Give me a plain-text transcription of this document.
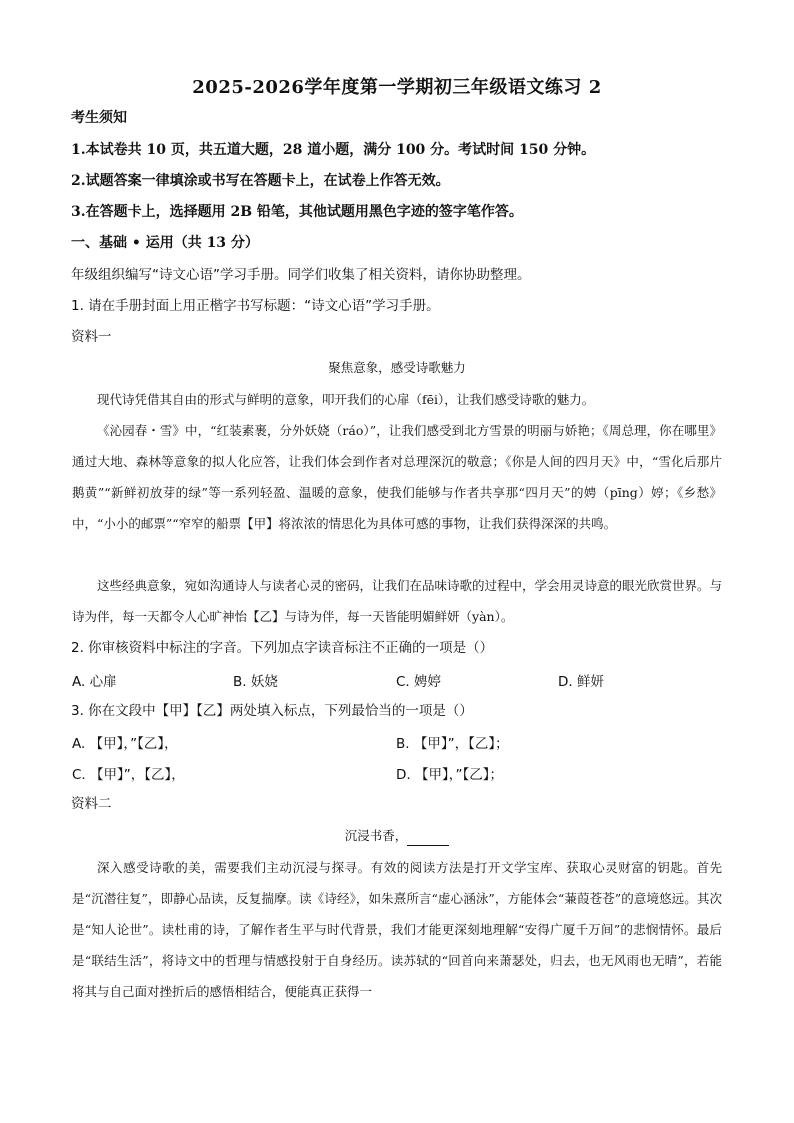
2025-2026学年度第一学期初三年级语文练习 2
考生须知
1.本试卷共 10 页，共五道大题，28 道小题，满分 100 分。考试时间 150 分钟。
2.试题答案一律填涂或书写在答题卡上，在试卷上作答无效。
3.在答题卡上，选择题用 2B 铅笔，其他试题用黑色字迹的签字笔作答。
一、基础 • 运用（共 13 分）
年级组织编写“诗文心语”学习手册。同学们收集了相关资料，请你协助整理。
1. 请在手册封面上用正楷字书写标题：“诗文心语”学习手册。
资料一
聚焦意象，感受诗歌魅力
现代诗凭借其自由的形式与鲜明的意象，叩开我们的心扉（fēi），让我们感受诗歌的魅力。
《沁园春・雪》中，“红装素裹，分外妖娆（ráo）”，让我们感受到北方雪景的明丽与娇艳；《周总理，你在哪里》通过大地、森林等意象的拟人化应答，让我们体会到作者对总理深沉的敬意；《你是人间的四月天》中，“雪化后那片鹅黄”“新鲜初放芽的绿”等一系列轻盈、温暖的意象，使我们能够与作者共享那“四月天”的娉（pīng）婷；《乡愁》中，“小小的邮票”“窄窄的船票【甲】将浓浓的情思化为具体可感的事物，让我们获得深深的共鸣。
这些经典意象，宛如沟通诗人与读者心灵的密码，让我们在品味诗歌的过程中，学会用灵诗意的眼光欣赏世界。与诗为伴，每一天都令人心旷神怡【乙】与诗为伴，每一天皆能明媚鲜妍（yàn）。
2. 你审核资料中标注的字音。下列加点字读音标注不正确的一项是（）
A. 心扉	B. 妖娆	C. 娉婷	D. 鲜妍
3. 你在文段中【甲】【乙】两处填入标点，下列最恰当的一项是（）
A. 【甲】，”【乙】，	B. 【甲】”，【乙】；
C. 【甲】”，【乙】，	D. 【甲】，”【乙】；
资料二
沉浸书香，
深入感受诗歌的美，需要我们主动沉浸与探寻。有效的阅读方法是打开文学宝库、获取心灵财富的钥匙。首先是“沉潜往复”，即静心品读，反复揣摩。读《诗经》，如朱熹所言“虚心涵泳”，方能体会“蒹葭苍苍”的意境悠远。其次是“知人论世”。读杜甫的诗，了解作者生平与时代背景，我们才能更深刻地理解“安得广厦千万间”的悲悯情怀。最后是“联结生活”，将诗文中的哲理与情感投射于自身经历。读苏轼的“回首向来萧瑟处，归去，也无风雨也无晴”，若能将其与自己面对挫折后的感悟相结合，便能真正获得一
